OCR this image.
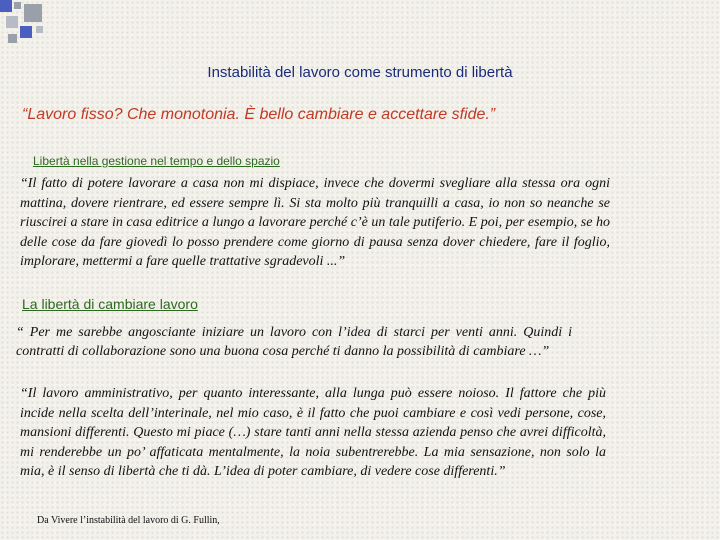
Instabilità del lavoro come strumento di libertà
“Lavoro fisso? Che monotonia. È bello cambiare e accettare sfide.”
Libertà nella gestione nel tempo e dello spazio

“Il fatto di potere lavorare a casa non mi dispiace, invece che dovermi svegliare alla stessa ora ogni mattina, dovere rientrare, ed essere sempre lì. Si sta molto più tranquilli a casa, io non so neanche se riuscirei a stare in casa editrice a lungo a lavorare perché c’è un tale putiferio. E poi, per esempio, se ho delle cose da fare giovedì lo posso prendere come giorno di pausa senza dover chiedere, fare il foglio, implorare, mettermi a fare quelle trattative sgradevoli ...”

La libertà di cambiare lavoro

“ Per me sarebbe angosciante iniziare un lavoro con l’idea di starci per venti anni. Quindi i contratti di collaborazione sono una buona cosa perché ti danno la possibilità di cambiare …”

“Il lavoro amministrativo, per quanto interessante, alla lunga può essere noioso. Il fattore che più incide nella scelta dell’interinale, nel mio caso, è il fatto che puoi cambiare e così vedi persone, cose, mansioni differenti. Questo mi piace (…) stare tanti anni nella stessa azienda penso che avrei difficoltà, mi renderebbe un po’ affaticata mentalmente, la noia subentrerebbe. La mia sensazione, non solo la mia, è il senso di libertà che ti dà. L’idea di poter cambiare, di vedere cose differenti.”

Da Vivere l’instabilità del lavoro di G. Fullin,
